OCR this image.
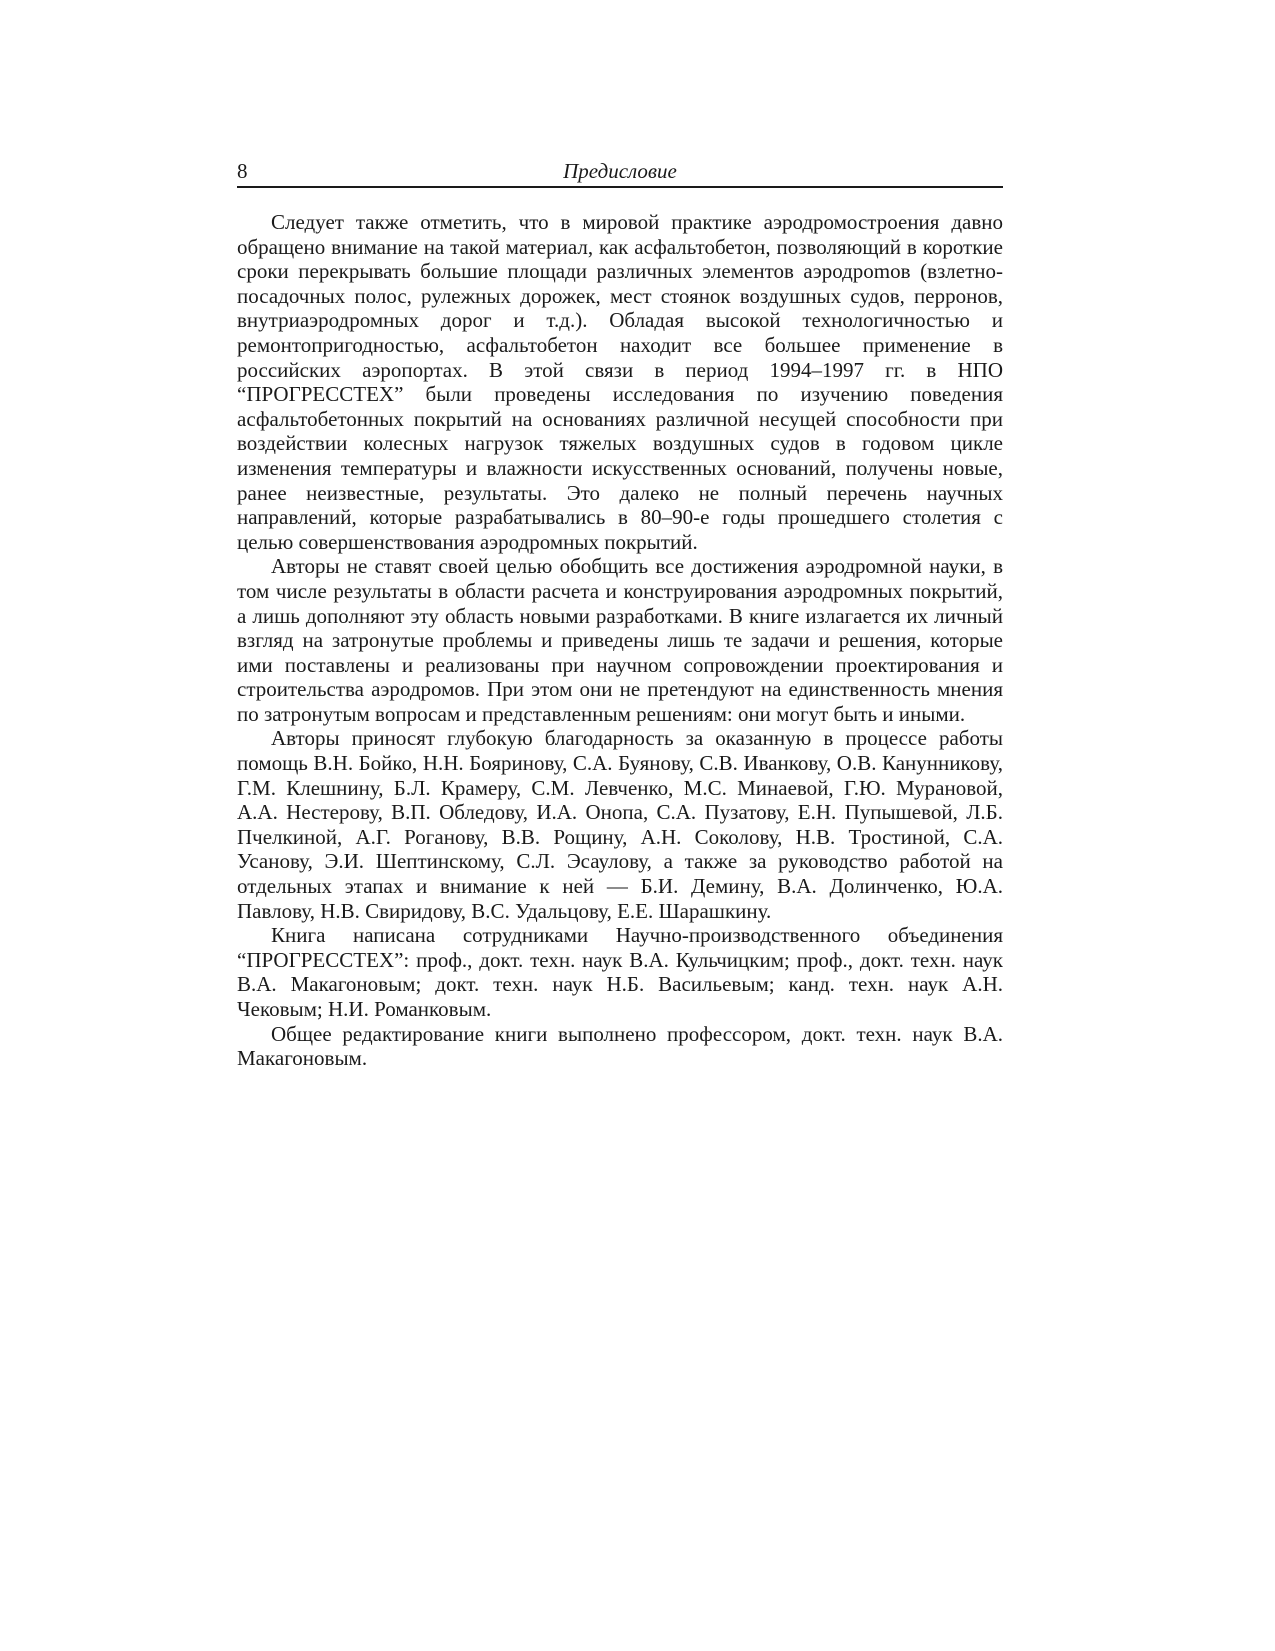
8	Предисловие

Следует также отметить, что в мировой практике аэродромостроения давно обращено внимание на такой материал, как асфальтобетон, позволяющий в короткие сроки перекрывать большие площади различных элементов аэродроmов (взлетно-посадочных полос, рулежных дорожек, мест стоянок воздушных судов, перронов, внутриаэродромных дорог и т.д.). Обладая высокой технологичностью и ремонтопригодностью, асфальтобетон находит все большее применение в российских аэропортах. В этой связи в период 1994–1997 гг. в НПО “ПРОГРЕССТЕХ” были проведены исследования по изучению поведения асфальтобетонных покрытий на основаниях различной несущей способности при воздействии колесных нагрузок тяжелых воздушных судов в годовом цикле изменения температуры и влажности искусственных оснований, получены новые, ранее неизвестные, результаты. Это далеко не полный перечень научных направлений, которые разрабатывались в 80–90-е годы прошедшего столетия с целью совершенствования аэродромных покрытий.

Авторы не ставят своей целью обобщить все достижения аэродромной науки, в том числе результаты в области расчета и конструирования аэродромных покрытий, а лишь дополняют эту область новыми разработками. В книге излагается их личный взгляд на затронутые проблемы и приведены лишь те задачи и решения, которые ими поставлены и реализованы при научном сопровождении проектирования и строительства аэродромов. При этом они не претендуют на единственность мнения по затронутым вопросам и представленным решениям: они могут быть и иными.

Авторы приносят глубокую благодарность за оказанную в процессе работы помощь В.Н. Бойко, Н.Н. Бояринову, С.А. Буянову, С.В. Иванкову, О.В. Канунникову, Г.М. Клешнину, Б.Л. Крамеру, С.М. Левченко, М.С. Минаевой, Г.Ю. Мурановой, А.А. Нестерову, В.П. Обледову, И.А. Онопа, С.А. Пузатову, Е.Н. Пупышевой, Л.Б. Пчелкиной, А.Г. Роганову, В.В. Рощину, А.Н. Соколову, Н.В. Тростиной, С.А. Усанову, Э.И. Шептинскому, С.Л. Эсаулову, а также за руководство работой на отдельных этапах и внимание к ней — Б.И. Демину, В.А. Долинченко, Ю.А. Павлову, Н.В. Свиридову, В.С. Удальцову, Е.Е. Шарашкину.

Книга написана сотрудниками Научно-производственного объединения “ПРОГРЕССТЕХ”: проф., докт. техн. наук В.А. Кульчицким; проф., докт. техн. наук В.А. Макагоновым; докт. техн. наук Н.Б. Васильевым; канд. техн. наук А.Н. Чековым; Н.И. Романковым.

Общее редактирование книги выполнено профессором, докт. техн. наук В.А. Макагоновым.
